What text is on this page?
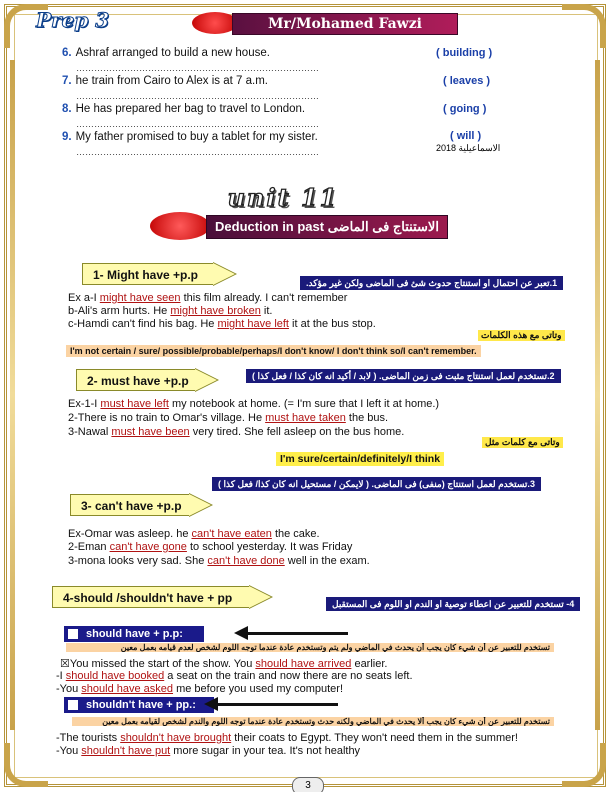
Prep 3	Mr/Mohamed Fawzi
6. Ashraf arranged to build a new house.	( building )
………………………………………………………………………
7. he train from Cairo to Alex is at 7 a.m.	( leaves )
………………………………………………………………………
8. He has prepared her bag to travel to London.	( going )
………………………………………………………………………
9. My father promised to buy a tablet for my sister.	( will )
………………………………………………………………………	الاسماعيلية 2018
unit 11
Deduction in past الاستنتاج فى الماضى
1- Might have +p.p
1.تعبر عن احتمال او استنتاج حدوث شئ فى الماضى ولكن غير مؤكد.
Ex a-I might have seen this film already. I can't remember
b-Ali's arm hurts. He might have broken it.
c-Hamdi can't find his bag. He might have left it at the bus stop.
وتاتى مع هذه الكلمات
I'm not certain / sure/ possible/probable/perhaps/I don't know/ I don't think so/I can't remember.
2- must have +p.p	2.تستخدم لعمل استنتاج مثبت فى زمن الماضى. ( لابد / أكيد انه كان كذا / فعل كذا )
Ex-1-I must have left my notebook at home. (= I'm sure that I left it at home.)
2-There is no train to Omar's village. He must have taken the bus.
3-Nawal must have been very tired. She fell asleep on the bus home.
وتاتى مع كلمات مثل
I'm sure/certain/definitely/I think
3.تستخدم لعمل استنتاج (منفى) فى الماضى. ( لايمكن / مستحيل انه كان كذا/ فعل كذا )
3- can't have +p.p
Ex-Omar was asleep. he can't have eaten the cake.
2-Eman can't have gone to school yesterday. It was Friday
3-mona looks very sad. She can't have done well in the exam.
4-should /shouldn't have + pp	4- تستخدم للتعبير عن اعطاء توصية او الندم او اللوم فى المستقبل
should have + p.p:
تستخدم للتعبير عن أن شيء كان يجب أن يحدث في الماضي ولم يتم وتستخدم عادة عندما توجه اللوم لشخص لعدم قيامه بعمل معين
☒You missed the start of the show. You should have arrived earlier.
-I should have booked a seat on the train and now there are no seats left.
-You should have asked me before you used my computer!
shouldn't have + pp.:
تستخدم للتعبير عن أن شيء كان يجب ألا يحدث في الماضي ولكنه حدث وتستخدم عادة عندما توجه اللوم والندم لشخص لقيامه بعمل معين
-The tourists shouldn't have brought their coats to Egypt. They won't need them in the summer!
-You shouldn't have put more sugar in your tea. It's not healthy
3
